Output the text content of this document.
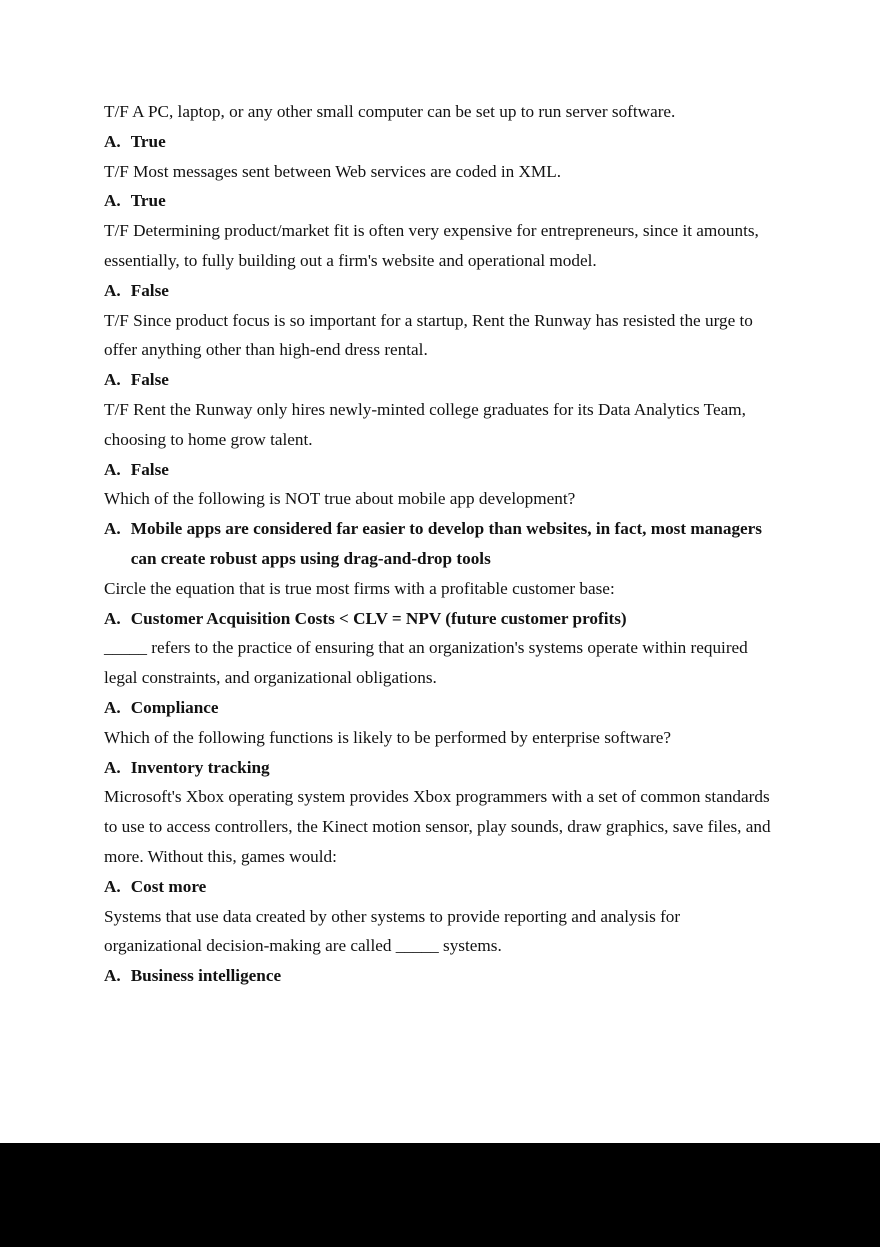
T/F A PC, laptop, or any other small computer can be set up to run server software.

A. True

T/F Most messages sent between Web services are coded in XML.

A. True

T/F Determining product/market fit is often very expensive for entrepreneurs, since it amounts, essentially, to fully building out a firm's website and operational model.

A. False

T/F Since product focus is so important for a startup, Rent the Runway has resisted the urge to offer anything other than high-end dress rental.

A. False

T/F Rent the Runway only hires newly-minted college graduates for its Data Analytics Team, choosing to home grow talent.

A. False

Which of the following is NOT true about mobile app development?

A. Mobile apps are considered far easier to develop than websites, in fact, most managers can create robust apps using drag-and-drop tools

Circle the equation that is true most firms with a profitable customer base:

A. Customer Acquisition Costs < CLV = NPV (future customer profits)

_____ refers to the practice of ensuring that an organization's systems operate within required legal constraints, and organizational obligations.

A. Compliance

Which of the following functions is likely to be performed by enterprise software?

A. Inventory tracking

Microsoft's Xbox operating system provides Xbox programmers with a set of common standards to use to access controllers, the Kinect motion sensor, play sounds, draw graphics, save files, and more. Without this, games would:

A. Cost more

Systems that use data created by other systems to provide reporting and analysis for organizational decision-making are called _____ systems.

A. Business intelligence
